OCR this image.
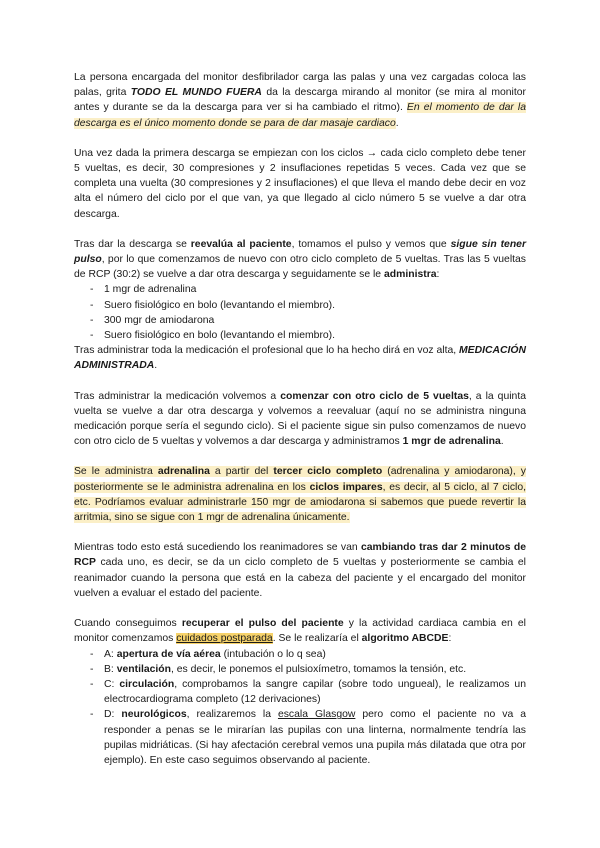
La persona encargada del monitor desfibrilador carga las palas y una vez cargadas coloca las palas, grita TODO EL MUNDO FUERA da la descarga mirando al monitor (se mira al monitor antes y durante se da la descarga para ver si ha cambiado el ritmo). En el momento de dar la descarga es el único momento donde se para de dar masaje cardiaco.

Una vez dada la primera descarga se empiezan con los ciclos → cada ciclo completo debe tener 5 vueltas, es decir, 30 compresiones y 2 insuflaciones repetidas 5 veces. Cada vez que se completa una vuelta (30 compresiones y 2 insuflaciones) el que lleva el mando debe decir en voz alta el número del ciclo por el que van, ya que llegado al ciclo número 5 se vuelve a dar otra descarga.

Tras dar la descarga se reevalúa al paciente, tomamos el pulso y vemos que sigue sin tener pulso, por lo que comenzamos de nuevo con otro ciclo completo de 5 vueltas. Tras las 5 vueltas de RCP (30:2) se vuelve a dar otra descarga y seguidamente se le administra:

- 1 mgr de adrenalina
- Suero fisiológico en bolo (levantando el miembro).
- 300 mgr de amiodarona
- Suero fisiológico en bolo (levantando el miembro).

Tras administrar toda la medicación el profesional que lo ha hecho dirá en voz alta, MEDICACIÓN ADMINISTRADA.

Tras administrar la medicación volvemos a comenzar con otro ciclo de 5 vueltas, a la quinta vuelta se vuelve a dar otra descarga y volvemos a reevaluar (aquí no se administra ninguna medicación porque sería el segundo ciclo). Si el paciente sigue sin pulso comenzamos de nuevo con otro ciclo de 5 vueltas y volvemos a dar descarga y administramos 1 mgr de adrenalina.

Se le administra adrenalina a partir del tercer ciclo completo (adrenalina y amiodarona), y posteriormente se le administra adrenalina en los ciclos impares, es decir, al 5 ciclo, al 7 ciclo, etc. Podríamos evaluar administrarle 150 mgr de amiodarona si sabemos que puede revertir la arritmia, sino se sigue con 1 mgr de adrenalina únicamente.

Mientras todo esto está sucediendo los reanimadores se van cambiando tras dar 2 minutos de RCP cada uno, es decir, se da un ciclo completo de 5 vueltas y posteriormente se cambia el reanimador cuando la persona que está en la cabeza del paciente y el encargado del monitor vuelven a evaluar el estado del paciente.

Cuando conseguimos recuperar el pulso del paciente y la actividad cardiaca cambia en el monitor comenzamos cuidados postparada. Se le realizaría el algoritmo ABCDE:

- A: apertura de vía aérea (intubación o lo q sea)
- B: ventilación, es decir, le ponemos el pulsioxímetro, tomamos la tensión, etc.
- C: circulación, comprobamos la sangre capilar (sobre todo ungueal), le realizamos un electrocardiograma completo (12 derivaciones)
- D: neurológicos, realizaremos la escala Glasgow pero como el paciente no va a responder a penas se le mirarían las pupilas con una linterna, normalmente tendría las pupilas midriáticas. (Si hay afectación cerebral vemos una pupila más dilatada que otra por ejemplo). En este caso seguimos observando al paciente.
